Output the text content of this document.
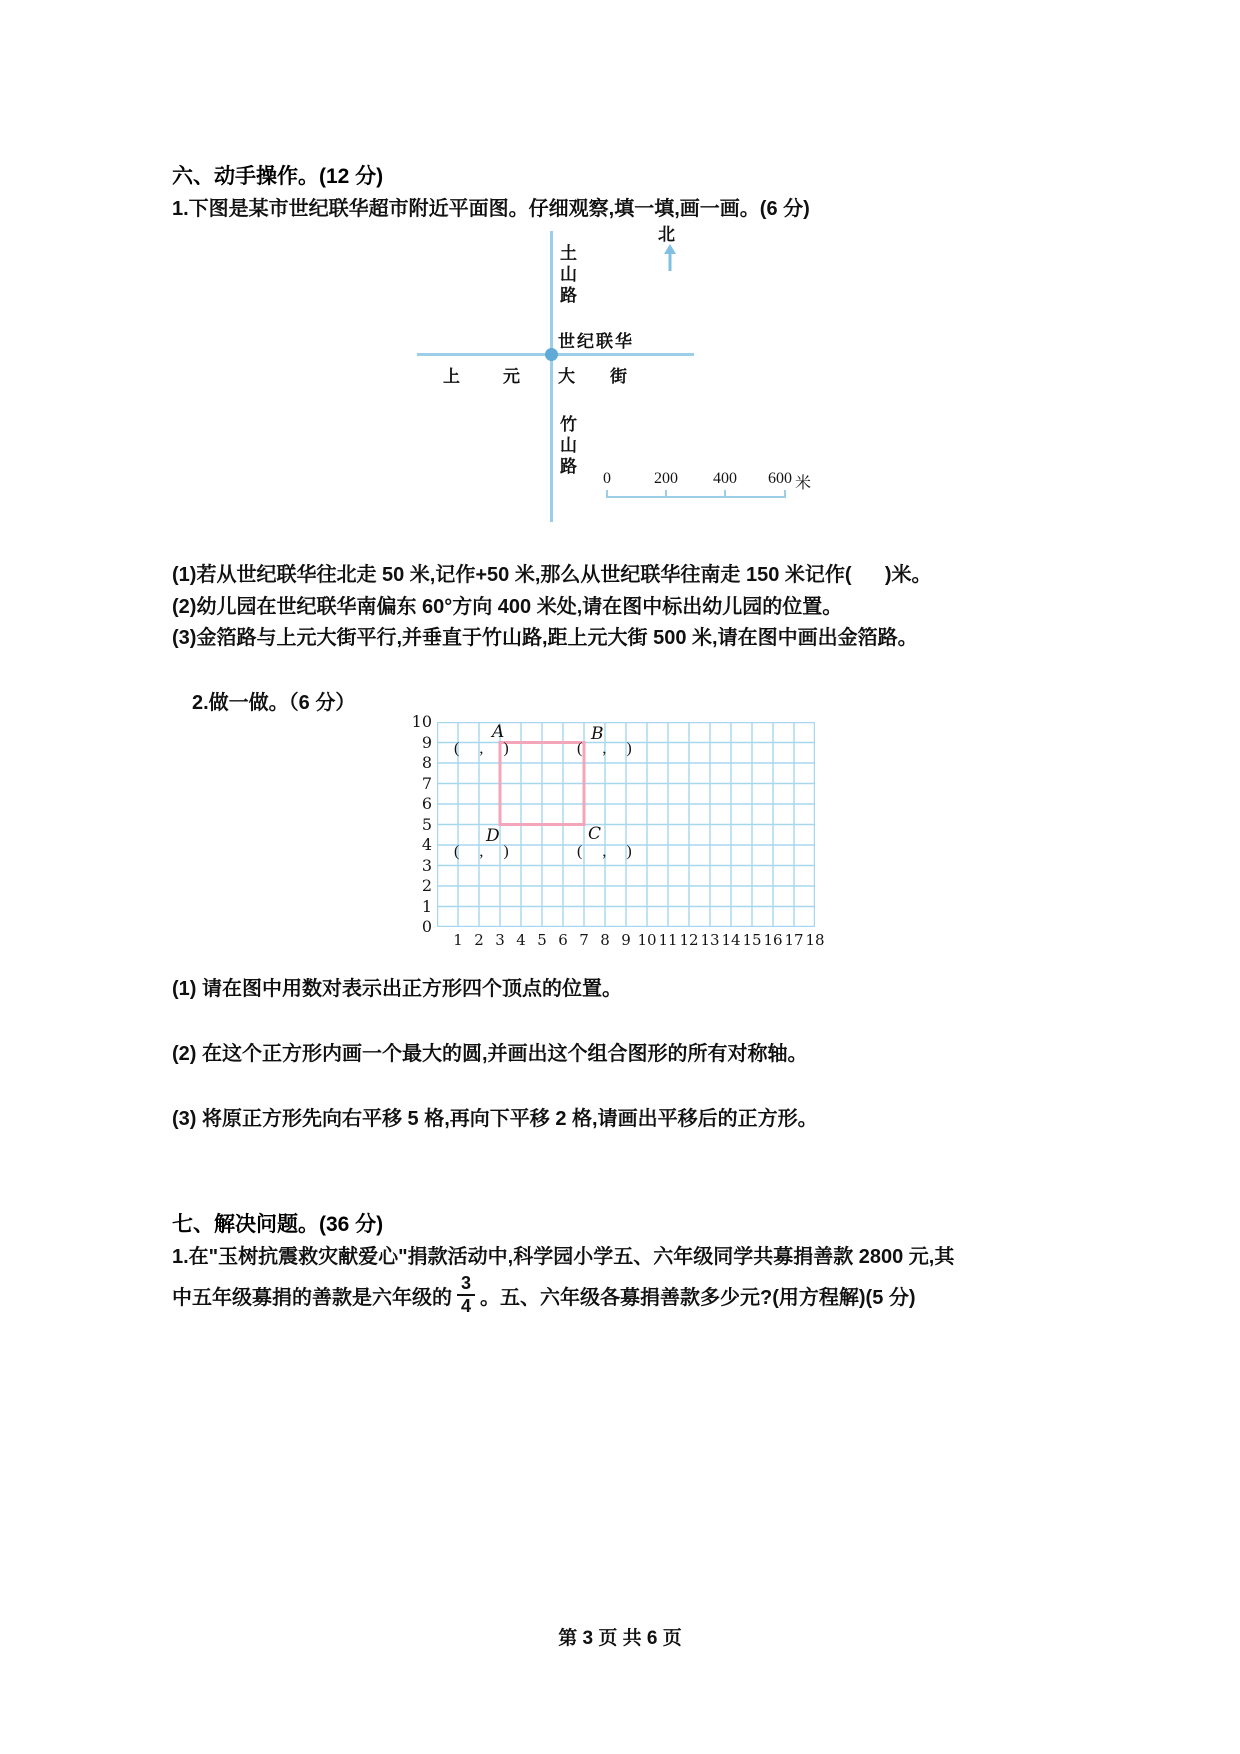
六、动手操作。(12 分)
1.下图是某市世纪联华超市附近平面图。仔细观察,填一填,画一画。(6 分)
北
土
山
路
世纪联华
竹
山
路
米
2.做一做。（6 分）
七、解决问题。(36 分)
1.在"玉树抗震救灾献爱心"捐款活动中,科学园小学五、六年级同学共募捐善款 2800 元,其
中五年级募捐的善款是六年级的 $\frac{3}{4}$ 。五、六年级各募捐善款多少元?(用方程解)(5 分)
第 3 页 共 6 页
上	元 大 街
0	200	400	600
(1)若从世纪联华往北走 50 米,记作+50 米,那么从世纪联华往南走 150 米记作(      )米。
(2)幼儿园在世纪联华南偏东 60°方向 400 米处,请在图中标出幼儿园的位置。
(3)金箔路与上元大街平行,并垂直于竹山路,距上元大街 500 米,请在图中画出金箔路。
(1) 请在图中用数对表示出正方形四个顶点的位置。
(2) 在这个正方形内画一个最大的圆,并画出这个组合图形的所有对称轴。
(3) 将原正方形先向右平移 5 格,再向下平移 2 格,请画出平移后的正方形。
10
9
8
7
6
5
4
3
2
1
0
1 2 3 4 5 6 7 8 9 10 11 12 13 14 15 16 17 18
A
(     ,     )
B
(     ,     )
D
(     ,     )
C
(     ,     )
